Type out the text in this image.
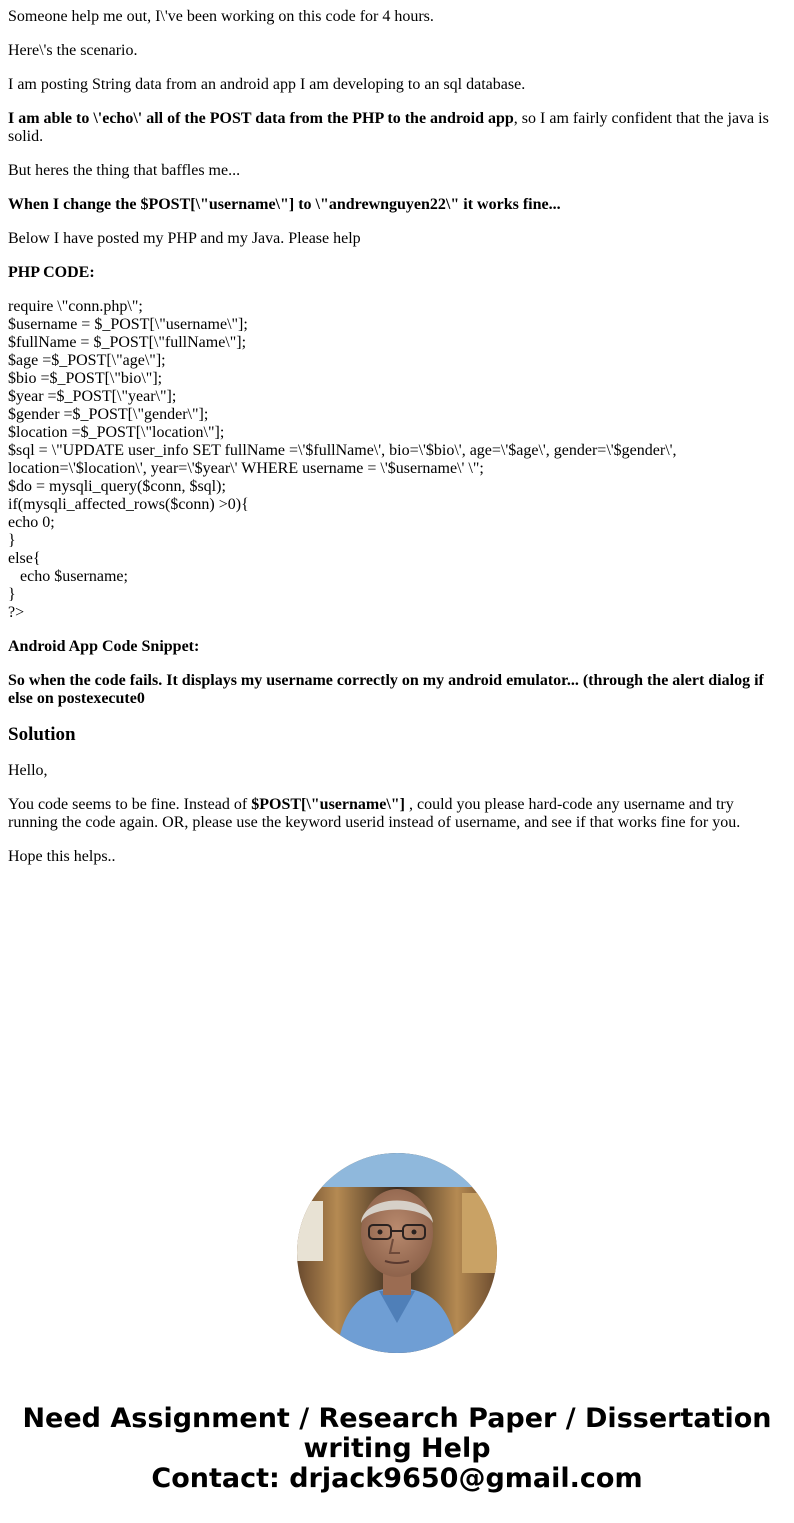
Someone help me out, I\'ve been working on this code for 4 hours.

Here\'s the scenario.

I am posting String data from an android app I am developing to an sql database.

I am able to \'echo\' all of the POST data from the PHP to the android app, so I am fairly confident that the java is solid.

But heres the thing that baffles me...

When I change the $POST[\"username\"] to \"andrewnguyen22\" it works fine...

Below I have posted my PHP and my Java. Please help

PHP CODE:

require \"conn.php\";
$username = $_POST[\"username\"];
$fullName = $_POST[\"fullName\"];
$age =$_POST[\"age\"];
$bio =$_POST[\"bio\"];
$year =$_POST[\"year\"];
$gender =$_POST[\"gender\"];
$location =$_POST[\"location\"];
$sql = \"UPDATE user_info SET fullName =\'$fullName\', bio=\'$bio\', age=\'$age\', gender=\'$gender\',
location=\'$location\', year=\'$year\' WHERE username = \'$username\' \";
$do = mysqli_query($conn, $sql);
if(mysqli_affected_rows($conn) >0){
echo 0;
}
else{
echo $username;
}
?>

Android App Code Snippet:

So when the code fails. It displays my username correctly on my android emulator... (through the alert dialog if else on postexecute0

Solution

Hello,

You code seems to be fine. Instead of $POST[\"username\"] , could you please hard-code any username and try running the code again. OR, please use the keyword userid instead of username, and see if that works fine for you.

Hope this helps..

Need Assignment / Research Paper / Dissertation
writing Help
Contact: drjack9650@gmail.com
